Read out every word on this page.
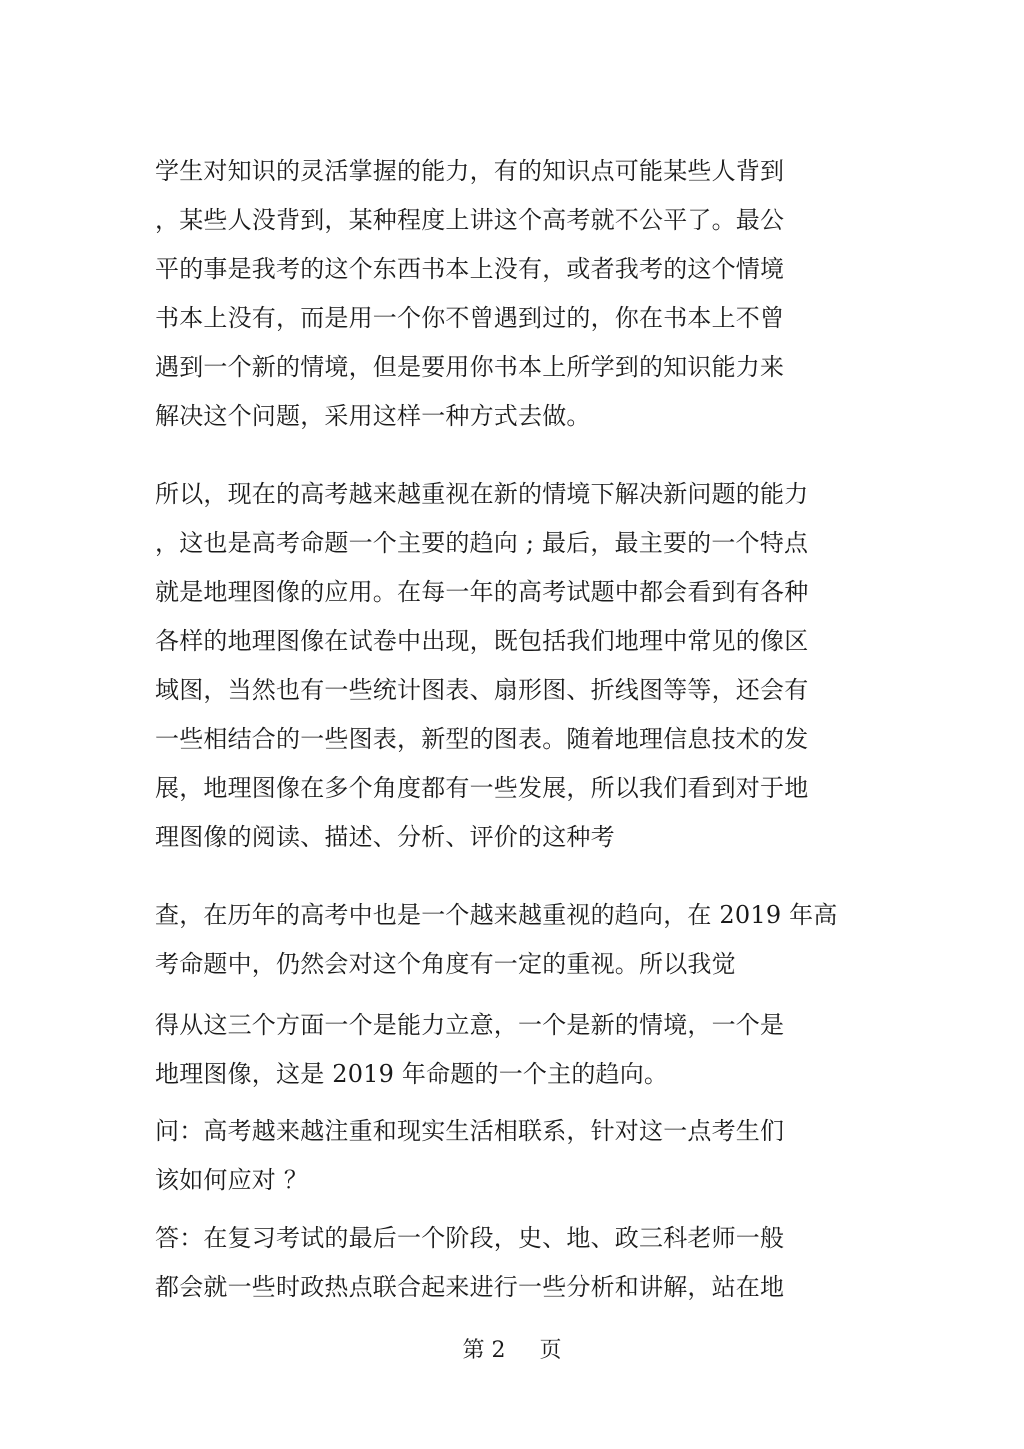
学生对知识的灵活掌握的能力，有的知识点可能某些人背到
，某些人没背到，某种程度上讲这个高考就不公平了。最公
平的事是我考的这个东西书本上没有，或者我考的这个情境
书本上没有，而是用一个你不曾遇到过的，你在书本上不曾
遇到一个新的情境，但是要用你书本上所学到的知识能力来
解决这个问题，采用这样一种方式去做。
所以，现在的高考越来越重视在新的情境下解决新问题的能力
，这也是高考命题一个主要的趋向 ; 最后，最主要的一个特点
就是地理图像的应用。在每一年的高考试题中都会看到有各种
各样的地理图像在试卷中出现，既包括我们地理中常见的像区
域图，当然也有一些统计图表、扇形图、折线图等等，还会有
一些相结合的一些图表，新型的图表。随着地理信息技术的发
展，地理图像在多个角度都有一些发展，所以我们看到对于地
理图像的阅读、描述、分析、评价的这种考
查，在历年的高考中也是一个越来越重视的趋向，在 2019 年高
考命题中，仍然会对这个角度有一定的重视。所以我觉
得从这三个方面一个是能力立意，一个是新的情境，一个是
地理图像，这是 2019 年命题的一个主的趋向。
问：高考越来越注重和现实生活相联系，针对这一点考生们
该如何应对 ？
答：在复习考试的最后一个阶段，史、地、政三科老师一般
都会就一些时政热点联合起来进行一些分析和讲解，站在地
第 2 页
